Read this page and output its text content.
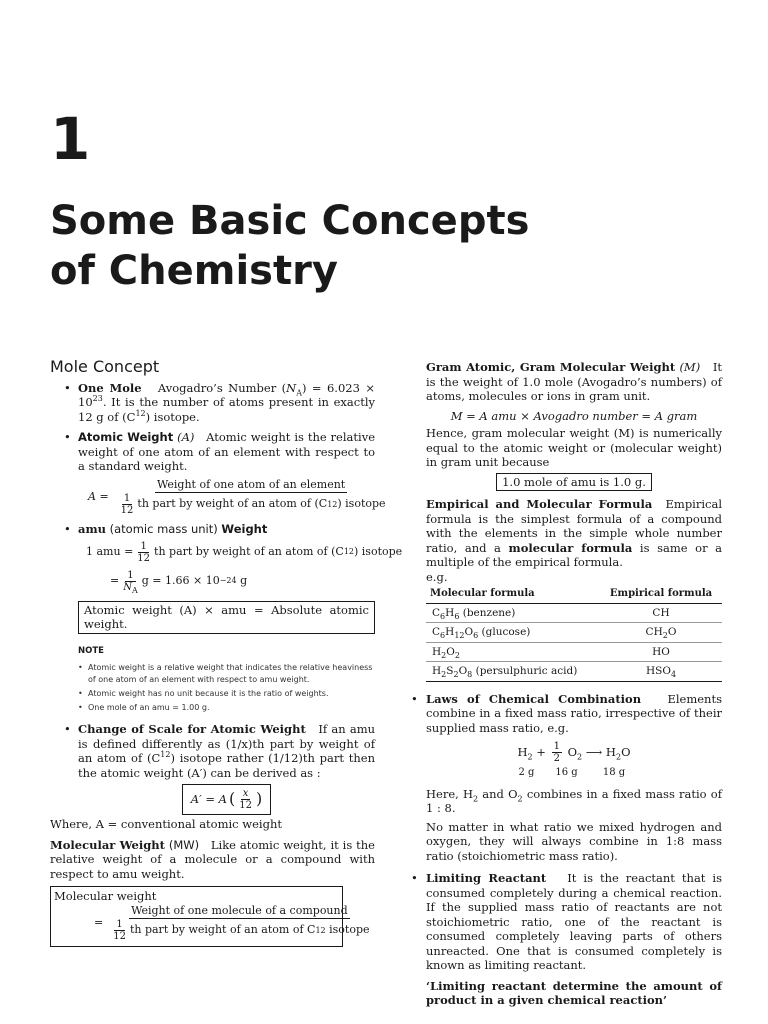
1
Some Basic Concepts
of Chemistry
Mole Concept
• One Mole Avogadro’s Number $(N_A) = 6.023 \times 10^{23}$. It is the number of atoms present in exactly 12 g of $(C^{12})$ isotope.
• Atomic Weight (A) Atomic weight is the relative weight of one atom of an element with respect to a standard weight.
$A = \frac{\text{Weight of one atom of an element}}{\frac{1}{12} th part by weight of an atom of (C 12 ) isotope}$
• amu (atomic mass unit) Weight
1 amu = $\frac{1}{12}$ th part by weight of an atom of (C 12 ) isotope
= $\frac{1}{N_A}$ g = 1.66 × 10 −24
g
Atomic weight (A) × amu = Absolute atomic weight.
NOTE
• Atomic weight is a relative weight that indicates the relative heaviness of one atom of an element with respect to amu weight.
• Atomic weight has no unit because it is the ratio of weights.
• One mole of an amu = 1.00 g.
• Change of Scale for Atomic Weight If an amu is defined differently as (1/x)th part by weight of an atom of $(C^{12})$ isotope rather (1/12)th part then the atomic weight (A′) can be derived as :
A′ = A ( $\frac{x}{12}$ )
Where, A = conventional atomic weight
Molecular Weight (MW) Like atomic weight, it is the relative weight of a molecule or a compound with respect to amu weight.
Molecular weight
= Weight of one molecule of a compound
$\frac{1}{12}$ th part by weight of an atom of C 12
isotope
Gram Atomic, Gram Molecular Weight (M) It is the weight of 1.0 mole (Avogadro’s numbers) of atoms, molecules or ions in gram unit.
M = A amu × Avogadro number = A gram
Hence, gram molecular weight (M) is numerically equal to the atomic weight or (molecular weight) in gram unit because
1.0 mole of amu is 1.0 g.
Empirical and Molecular Formula Empirical formula is the simplest formula of a compound with the elements in the simple whole number ratio, and a molecular formula is same or a multiple of the empirical formula.
e.g.
Molecular formula	Empirical formula
$C_6H_6$ (benzene)	CH
$C_6H_{12}O_6$ (glucose)	$CH_2O$
$H_2O_2$	HO
$H_2S_2O_8$ (persulphuric acid)	$HSO_4$
• Laws of Chemical Combination Elements combine in a fixed mass ratio, irrespective of their supplied mass ratio, e.g.
$H_2 + \frac{1}{2} O_2$ ⟶ $H_2O$
2 g	16 g	18 g
Here, $H_2$ and $O_2$ combines in a fixed mass ratio of 1 : 8.
No matter in what ratio we mixed hydrogen and oxygen, they will always combine in 1:8 mass ratio (stoichiometric mass ratio).
• Limiting Reactant It is the reactant that is consumed completely during a chemical reaction. If the supplied mass ratio of reactants are not stoichiometric ratio, one of the reactant is consumed completely leaving parts of others unreacted. One that is consumed completely is known as limiting reactant.
‘Limiting reactant determine the amount of product in a given chemical reaction’
